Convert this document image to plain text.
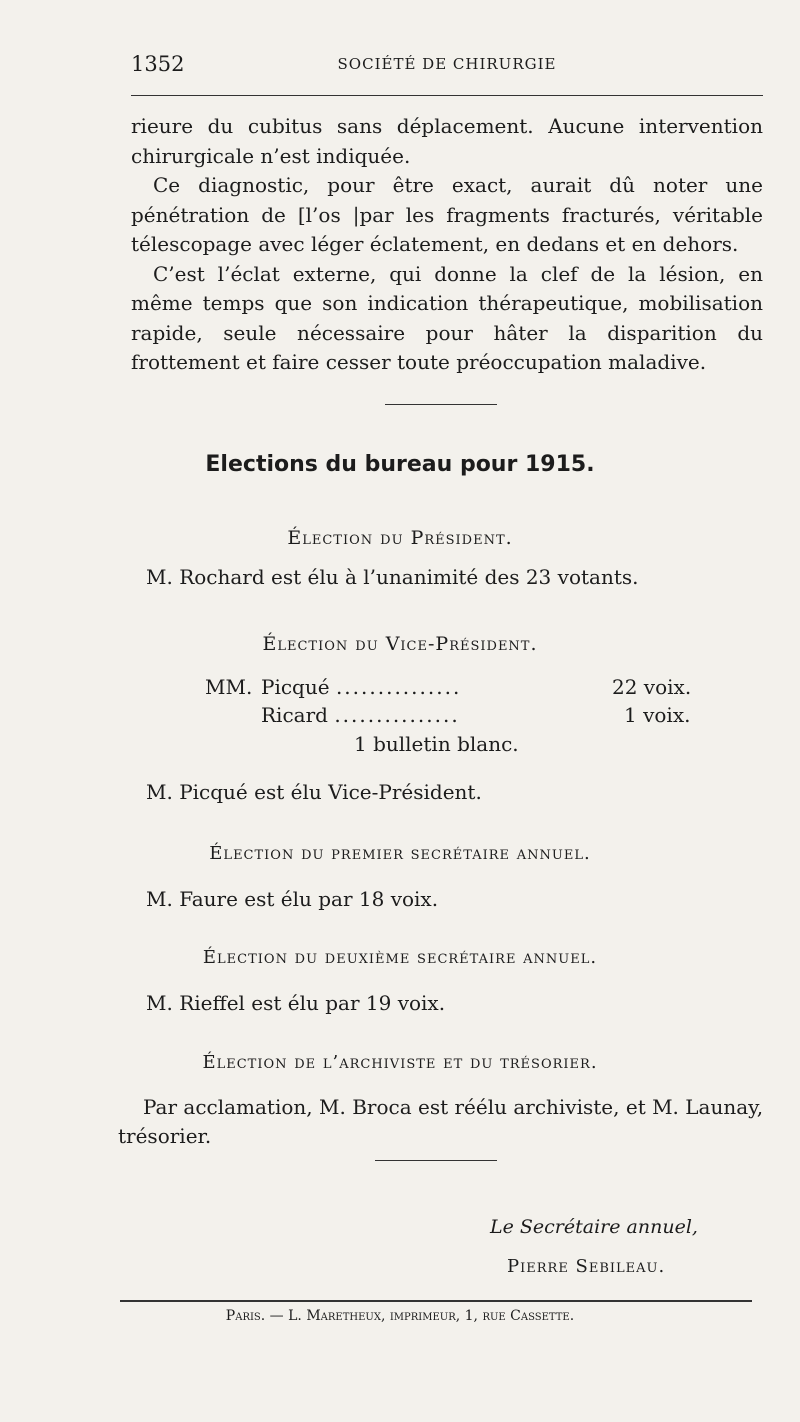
1352	SOCIÉTÉ DE CHIRURGIE

rieure du cubitus sans déplacement. Aucune intervention chirurgicale n’est indiquée.

Ce diagnostic, pour être exact, aurait dû noter une pénétration de [l’os |par les fragments fracturés, véritable télescopage avec léger éclatement, en dedans et en dehors.

C’est l’éclat externe, qui donne la clef de la lésion, en même temps que son indication thérapeutique, mobilisation rapide, seule nécessaire pour hâter la disparition du frottement et faire cesser toute préoccupation maladive.

Elections du bureau pour 1915.
Élection du Président.
M. Rochard est élu à l’unanimité des 23 votants.
Élection du Vice-Président.
MM. Picqué ...............	22 voix.
Ricard ...............	1 voix.
1 bulletin blanc.
M. Picqué est élu Vice-Président.
Élection du premier secrétaire annuel.
M. Faure est élu par 18 voix.
Élection du deuxième secrétaire annuel.
M. Rieffel est élu par 19 voix.
Élection de l’archiviste et du trésorier.
Par acclamation, M. Broca est réélu archiviste, et M. Launay,
trésorier.
Le Secrétaire annuel,
Pierre Sebileau.
Paris. — L. Maretheux, imprimeur, 1, rue Cassette.
